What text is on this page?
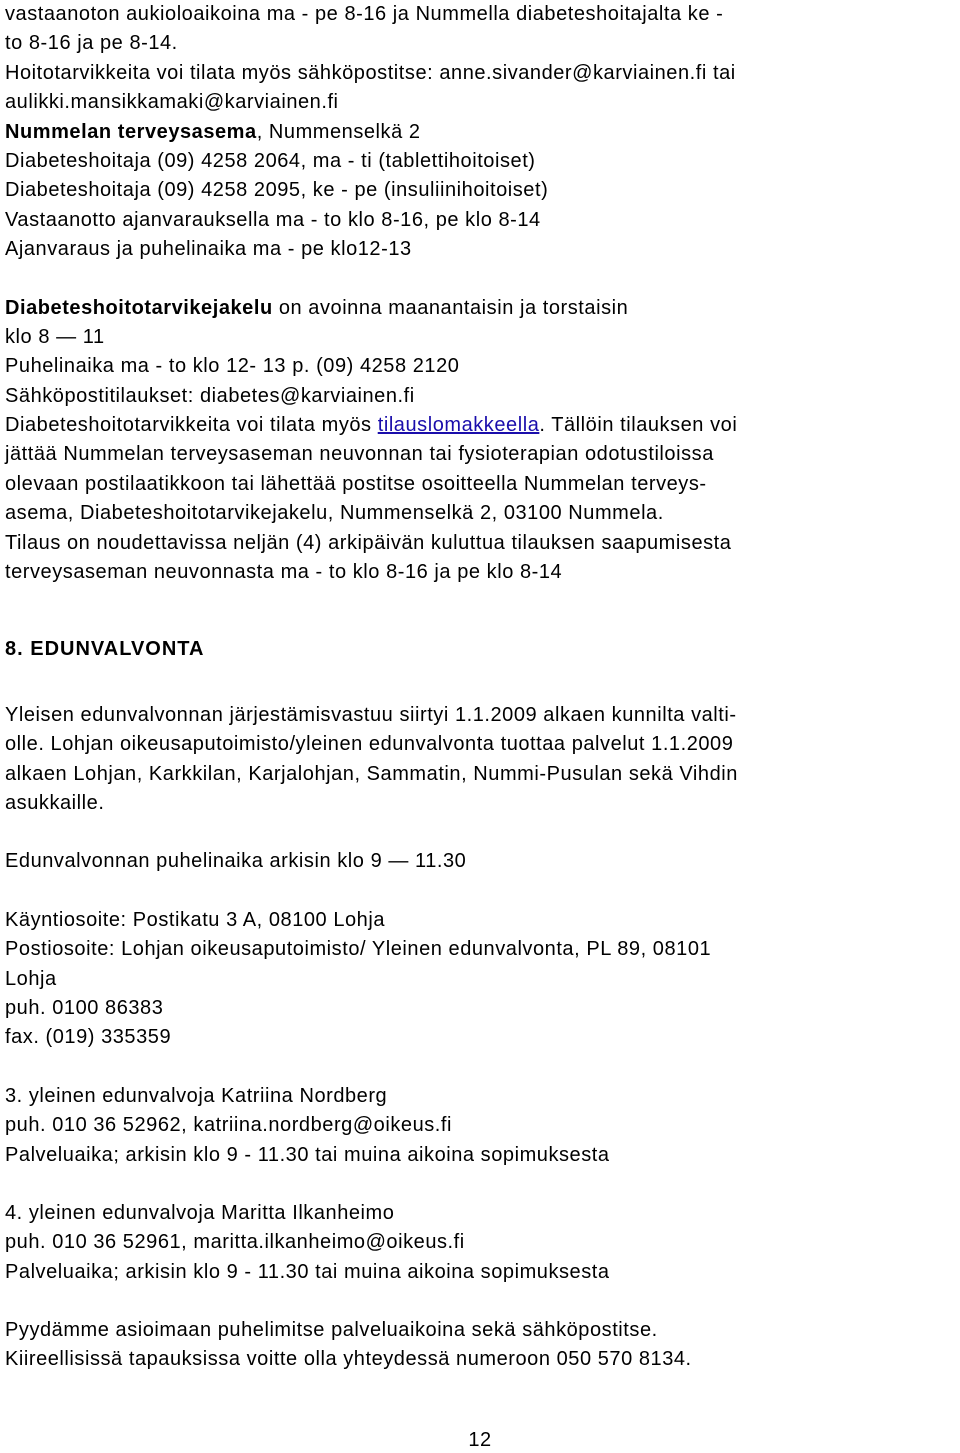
vastaanoton aukioloaikoina ma - pe 8-16 ja Nummella diabeteshoitajalta ke -
to 8-16 ja pe 8-14.
Hoitotarvikkeita voi tilata myös sähköpostitse: anne.sivander@karviainen.fi tai
aulikki.mansikkamaki@karviainen.fi
Nummelan terveysasema, Nummenselkä 2
Diabeteshoitaja (09) 4258 2064, ma - ti (tablettihoitoiset)
Diabeteshoitaja (09) 4258 2095, ke - pe (insuliinihoitoiset)
Vastaanotto ajanvarauksella ma - to klo 8-16, pe klo 8-14
Ajanvaraus ja puhelinaika ma - pe klo12-13
Diabeteshoitotarvikejakelu on avoinna maanantaisin ja torstaisin
klo 8 — 11
Puhelinaika ma - to klo 12- 13 p. (09) 4258 2120
Sähköpostitilaukset: diabetes@karviainen.fi
Diabeteshoitotarvikkeita voi tilata myös tilauslomakkeella. Tällöin tilauksen voi
jättää Nummelan terveysaseman neuvonnan tai fysioterapian odotustiloissa
olevaan postilaatikkoon tai lähettää postitse osoitteella Nummelan terveys-
asema, Diabeteshoitotarvikejakelu, Nummenselkä 2, 03100 Nummela.
Tilaus on noudettavissa neljän (4) arkipäivän kuluttua tilauksen saapumisesta
terveysaseman neuvonnasta ma - to klo 8-16 ja pe klo 8-14
8. EDUNVALVONTA
Yleisen edunvalvonnan järjestämisvastuu siirtyi 1.1.2009 alkaen kunnilta valti-
olle. Lohjan oikeusaputoimisto/yleinen edunvalvonta tuottaa palvelut 1.1.2009
alkaen Lohjan, Karkkilan, Karjalohjan, Sammatin, Nummi-Pusulan sekä Vihdin
asukkaille.
Edunvalvonnan puhelinaika arkisin klo 9 — 11.30
Käyntiosoite: Postikatu 3 A, 08100 Lohja
Postiosoite: Lohjan oikeusaputoimisto/ Yleinen edunvalvonta, PL 89, 08101
Lohja
puh. 0100 86383
fax. (019) 335359
3. yleinen edunvalvoja Katriina Nordberg
puh. 010 36 52962, katriina.nordberg@oikeus.fi
Palveluaika; arkisin klo 9 - 11.30 tai muina aikoina sopimuksesta
4. yleinen edunvalvoja Maritta Ilkanheimo
puh. 010 36 52961, maritta.ilkanheimo@oikeus.fi
Palveluaika; arkisin klo 9 - 11.30 tai muina aikoina sopimuksesta
Pyydämme asioimaan puhelimitse palveluaikoina sekä sähköpostitse.
Kiireellisissä tapauksissa voitte olla yhteydessä numeroon 050 570 8134.
12
